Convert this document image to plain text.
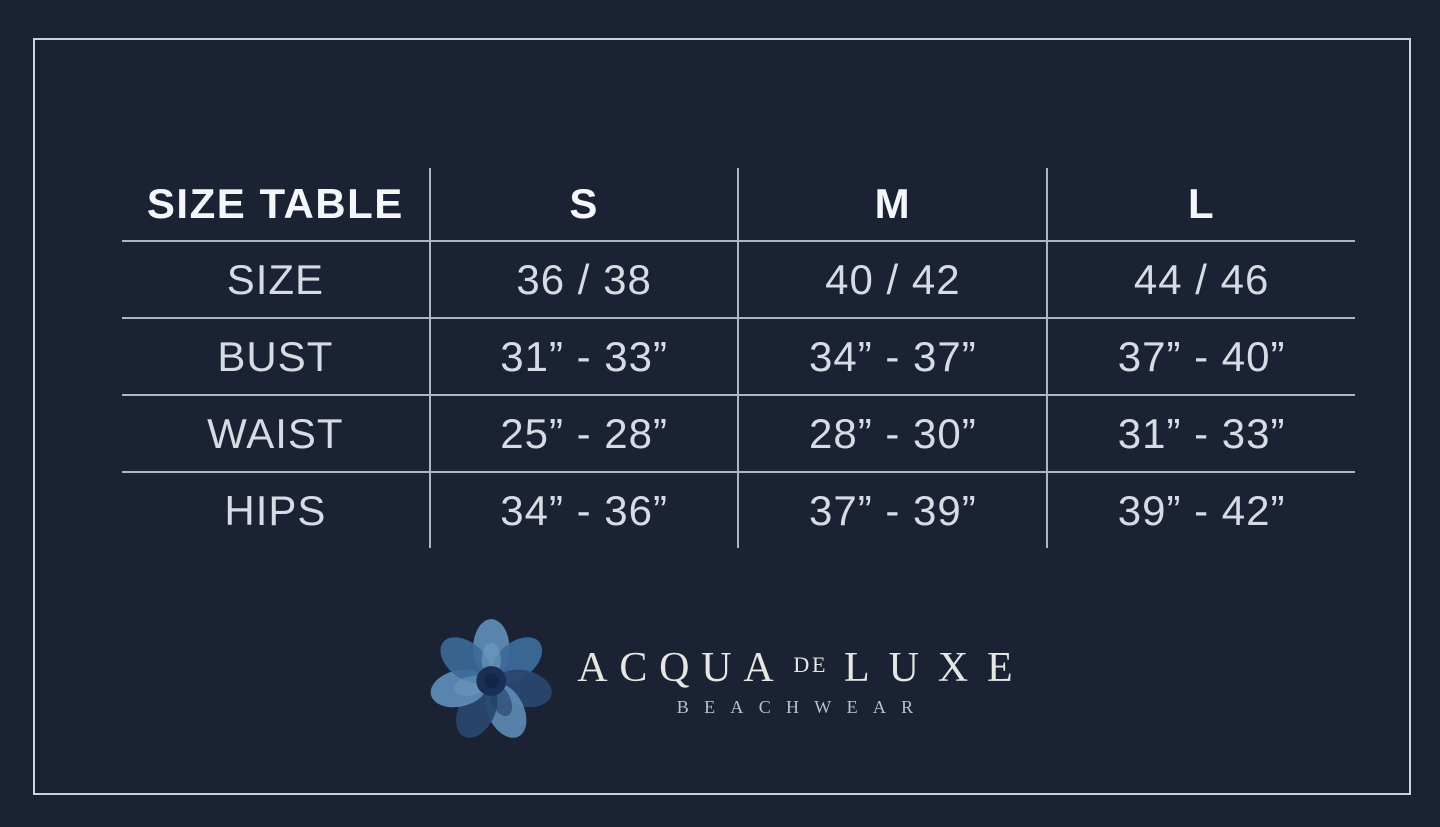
SIZE TABLE	S	M	L
SIZE	36 / 38	40 / 42	44 / 46
BUST	31” - 33”	34” - 37”	37” - 40”
WAIST	25” - 28”	28” - 30”	31” - 33”
HIPS	34” - 36”	37” - 39”	39” - 42”
ACQUA DE LUXE
BEACHWEAR
